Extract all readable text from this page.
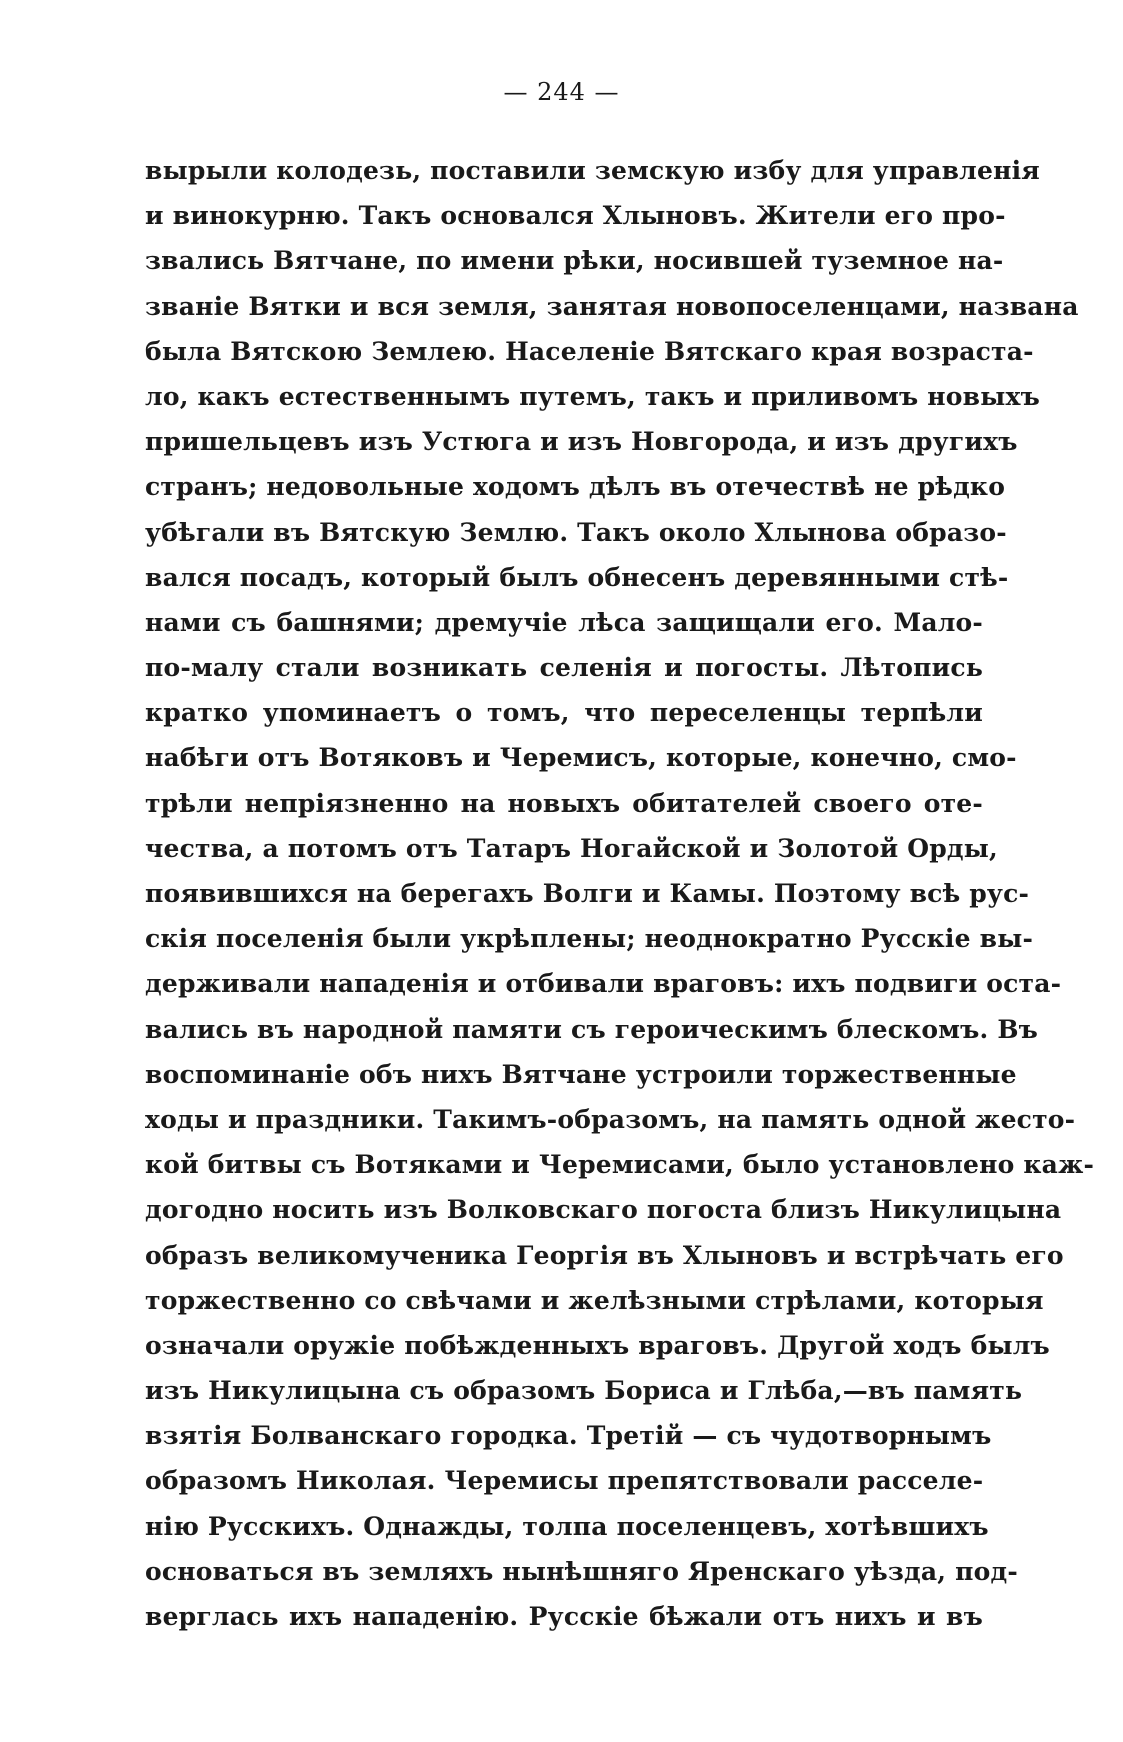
— 244 —
вырыли колодезь, поставили земскую избу для управленія
и винокурню. Такъ основался Хлыновъ. Жители его про-
звались Вятчане, по имени рѣки, носившей туземное на-
званіе Вятки и вся земля, занятая новопоселенцами, названа
была Вятскою Землею. Населеніе Вятскаго края возраста-
ло, какъ естественнымъ путемъ, такъ и приливомъ новыхъ
пришельцевъ изъ Устюга и изъ Новгорода, и изъ другихъ
странъ; недовольные ходомъ дѣлъ въ отечествѣ не рѣдко
убѣгали въ Вятскую Землю. Такъ около Хлынова образо-
вался посадъ, который былъ обнесенъ деревянными стѣ-
нами съ башнями; дремучіе лѣса защищали его. Мало-
по-малу стали возникать селенія и погосты. Лѣтопись
кратко упоминаетъ о томъ, что переселенцы терпѣли
набѣги отъ Вотяковъ и Черемисъ, которые, конечно, смо-
трѣли непріязненно на новыхъ обитателей своего оте-
чества, а потомъ отъ Татаръ Ногайской и Золотой Орды,
появившихся на берегахъ Волги и Камы. Поэтому всѣ рус-
скія поселенія были укрѣплены; неоднократно Русскіе вы-
держивали нападенія и отбивали враговъ: ихъ подвиги оста-
вались въ народной памяти съ героическимъ блескомъ. Въ
воспоминаніе объ нихъ Вятчане устроили торжественные
ходы и праздники. Такимъ-образомъ, на память одной жесто-
кой битвы съ Вотяками и Черемисами, было установлено каж-
догодно носить изъ Волковскаго погоста близъ Никулицына
образъ великомученика Георгія въ Хлыновъ и встрѣчать его
торжественно со свѣчами и желѣзными стрѣлами, которыя
означали оружіе побѣжденныхъ враговъ. Другой ходъ былъ
изъ Никулицына съ образомъ Бориса и Глѣба,—въ память
взятія Болванскаго городка. Третій — съ чудотворнымъ
образомъ Николая. Черемисы препятствовали расселе-
нію Русскихъ. Однажды, толпа поселенцевъ, хотѣвшихъ
основаться въ земляхъ нынѣшняго Яренскаго уѣзда, под-
верглась ихъ нападенію. Русскіе бѣжали отъ нихъ и въ
